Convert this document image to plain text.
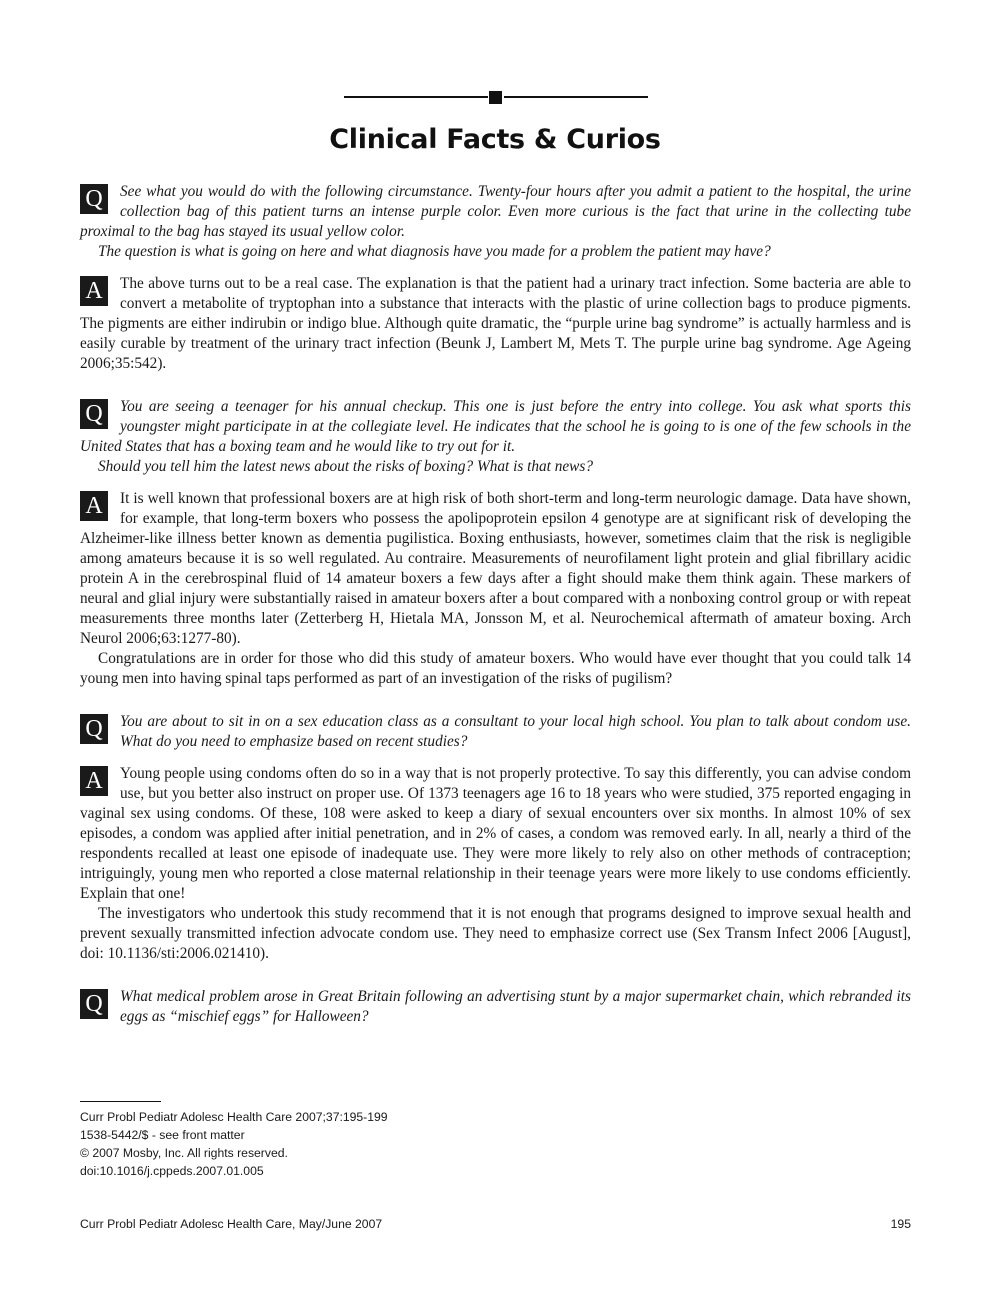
Clinical Facts & Curios

Q	See what you would do with the following circumstance. Twenty-four hours after you admit a patient to the hospital, the urine collection bag of this patient turns an intense purple color. Even more curious is the fact that urine in the collecting tube proximal to the bag has stayed its usual yellow color.

The question is what is going on here and what diagnosis have you made for a problem the patient may have?

A	The above turns out to be a real case. The explanation is that the patient had a urinary tract infection. Some bacteria are able to convert a metabolite of tryptophan into a substance that interacts with the plastic of urine collection bags to produce pigments. The pigments are either indirubin or indigo blue. Although quite dramatic, the “purple urine bag syndrome” is actually harmless and is easily curable by treatment of the urinary tract infection (Beunk J, Lambert M, Mets T. The purple urine bag syndrome. Age Ageing 2006;35:542).

Q	You are seeing a teenager for his annual checkup. This one is just before the entry into college. You ask what sports this youngster might participate in at the collegiate level. He indicates that the school he is going to is one of the few schools in the United States that has a boxing team and he would like to try out for it.

Should you tell him the latest news about the risks of boxing? What is that news?

A	It is well known that professional boxers are at high risk of both short-term and long-term neurologic damage. Data have shown, for example, that long-term boxers who possess the apolipoprotein epsilon 4 genotype are at significant risk of developing the Alzheimer-like illness better known as dementia pugilistica. Boxing enthusiasts, however, sometimes claim that the risk is negligible among amateurs because it is so well regulated. Au contraire. Measurements of neurofilament light protein and glial fibrillary acidic protein A in the cerebrospinal fluid of 14 amateur boxers a few days after a fight should make them think again. These markers of neural and glial injury were substantially raised in amateur boxers after a bout compared with a nonboxing control group or with repeat measurements three months later (Zetterberg H, Hietala MA, Jonsson M, et al. Neurochemical aftermath of amateur boxing. Arch Neurol 2006;63:1277-80).

Congratulations are in order for those who did this study of amateur boxers. Who would have ever thought that you could talk 14 young men into having spinal taps performed as part of an investigation of the risks of pugilism?

Q	You are about to sit in on a sex education class as a consultant to your local high school. You plan to talk about condom use. What do you need to emphasize based on recent studies?

A	Young people using condoms often do so in a way that is not properly protective. To say this differently, you can advise condom use, but you better also instruct on proper use. Of 1373 teenagers age 16 to 18 years who were studied, 375 reported engaging in vaginal sex using condoms. Of these, 108 were asked to keep a diary of sexual encounters over six months. In almost 10% of sex episodes, a condom was applied after initial penetration, and in 2% of cases, a condom was removed early. In all, nearly a third of the respondents recalled at least one episode of inadequate use. They were more likely to rely also on other methods of contraception; intriguingly, young men who reported a close maternal relationship in their teenage years were more likely to use condoms efficiently. Explain that one!

The investigators who undertook this study recommend that it is not enough that programs designed to improve sexual health and prevent sexually transmitted infection advocate condom use. They need to emphasize correct use (Sex Transm Infect 2006 [August], doi: 10.1136/sti:2006.021410).

Q	What medical problem arose in Great Britain following an advertising stunt by a major supermarket chain, which rebranded its eggs as “mischief eggs” for Halloween?

Curr Probl Pediatr Adolesc Health Care 2007;37:195-199
1538-5442/$ - see front matter
© 2007 Mosby, Inc. All rights reserved.
doi:10.1016/j.cppeds.2007.01.005
Curr Probl Pediatr Adolesc Health Care, May/June 2007	195
